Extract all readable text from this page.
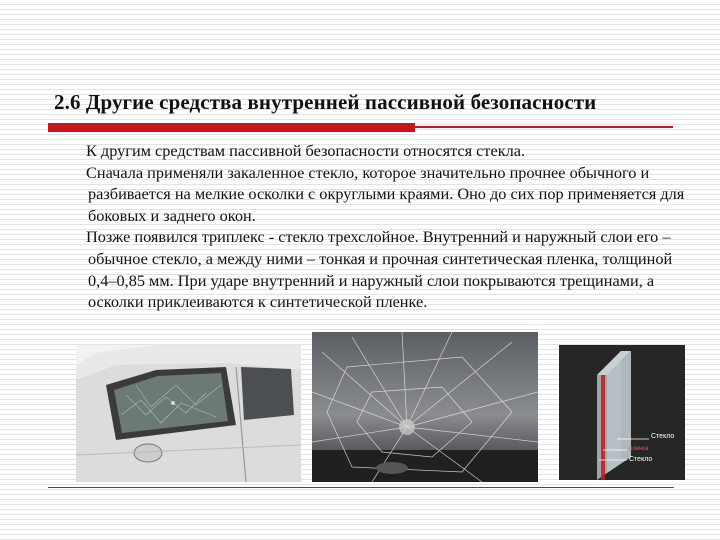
2.6 Другие средства внутренней пассивной безопасности

К другим средствам пассивной безопасности относятся стекла.

Сначала применяли закаленное стекло, которое значительно прочнее обычного и разбивается на мелкие осколки с округлыми краями. Оно до сих пор применяется для боковых и заднего окон.

Позже появился триплекс - стекло трехслойное. Внутренний и наружный слои его – обычное стекло, а между ними – тонкая и прочная синтетическая пленка, толщиной 0,4–0,85 мм. При ударе внутренний и наружный слои покрываются трещинами, а осколки приклеиваются к синтетической пленке.

Стекло
пленка
Стекло
